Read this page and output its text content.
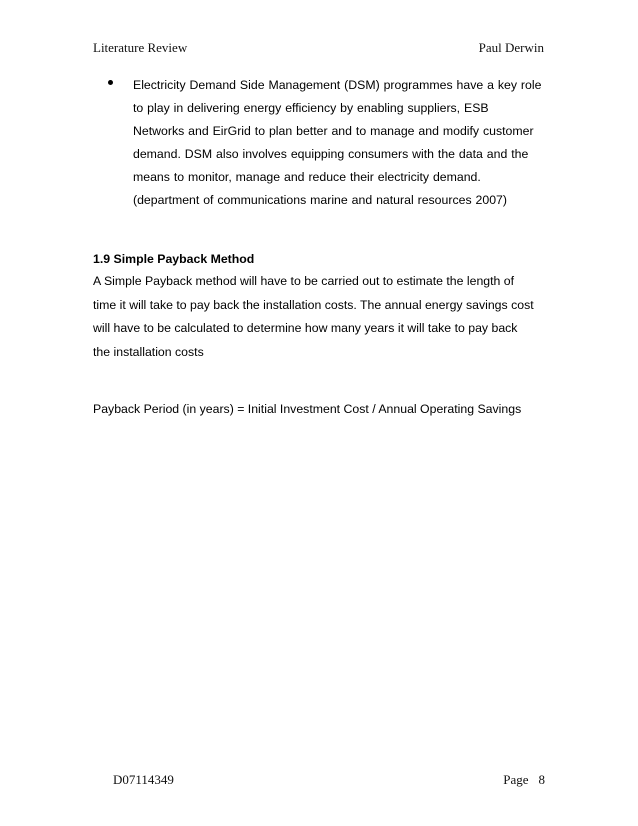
Literature Review	Paul Derwin
Electricity Demand Side Management (DSM) programmes have a key role
to play in delivering energy efficiency by enabling suppliers, ESB
Networks and EirGrid to plan better and to manage and modify customer
demand. DSM also involves equipping consumers with the data and the
means to monitor, manage and reduce their electricity demand.
(department of communications marine and natural resources 2007)
1.9 Simple Payback Method
A Simple Payback method will have to be carried out to estimate the length of
time it will take to pay back the installation costs. The annual energy savings cost
will have to be calculated to determine how many years it will take to pay back
the installation costs
Payback Period (in years) = Initial Investment Cost / Annual Operating Savings
D07114349	Page 8
